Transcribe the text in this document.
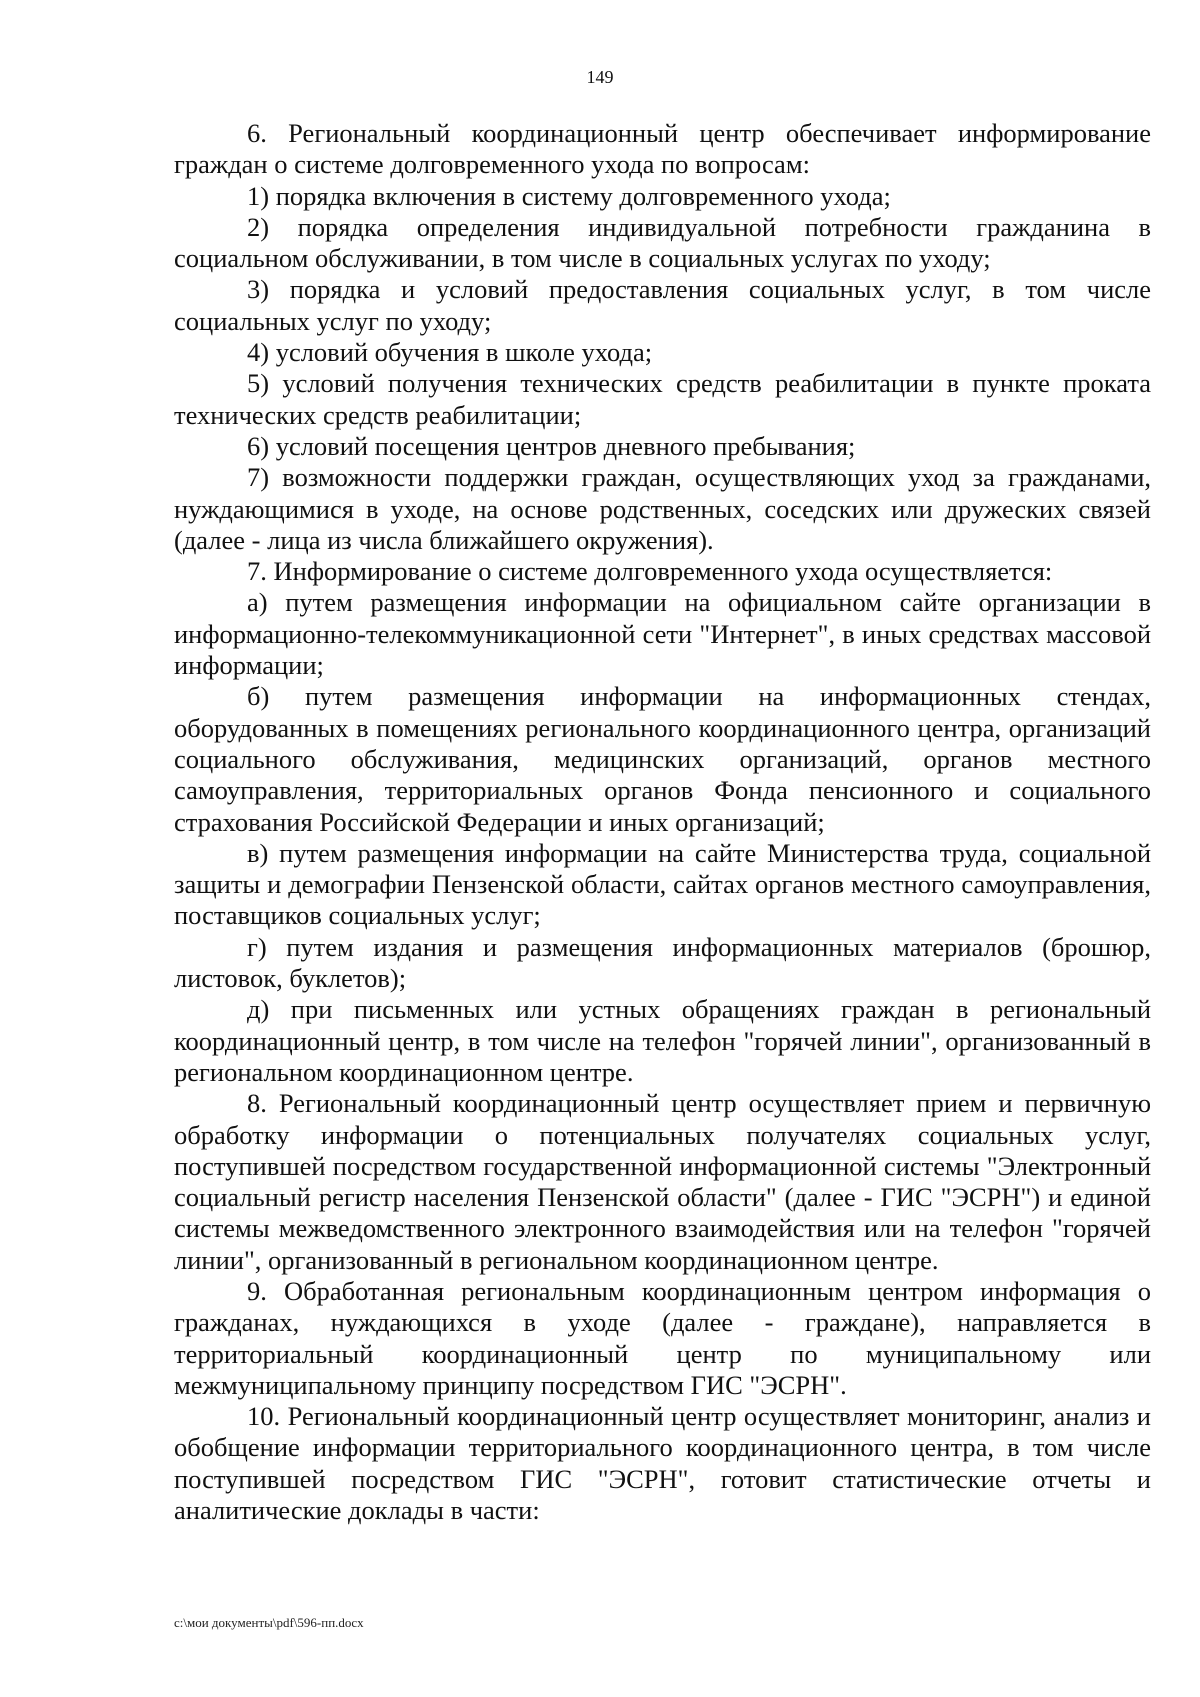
149

6. Региональный координационный центр обеспечивает информирование граждан о системе долговременного ухода по вопросам:

1) порядка включения в систему долговременного ухода;

2) порядка определения индивидуальной потребности гражданина в социальном обслуживании, в том числе в социальных услугах по уходу;

3) порядка и условий предоставления социальных услуг, в том числе социальных услуг по уходу;

4) условий обучения в школе ухода;

5) условий получения технических средств реабилитации в пункте проката технических средств реабилитации;

6) условий посещения центров дневного пребывания;

7) возможности поддержки граждан, осуществляющих уход за гражданами, нуждающимися в уходе, на основе родственных, соседских или дружеских связей (далее - лица из числа ближайшего окружения).

7. Информирование о системе долговременного ухода осуществляется:

а) путем размещения информации на официальном сайте организации в информационно-телекоммуникационной сети "Интернет", в иных средствах массовой информации;

б) путем размещения информации на информационных стендах, оборудованных в помещениях регионального координационного центра, организаций социального обслуживания, медицинских организаций, органов местного самоуправления, территориальных органов Фонда пенсионного и социального страхования Российской Федерации и иных организаций;

в) путем размещения информации на сайте Министерства труда, социальной защиты и демографии Пензенской области, сайтах органов местного самоуправления, поставщиков социальных услуг;

г) путем издания и размещения информационных материалов (брошюр, листовок, буклетов);

д) при письменных или устных обращениях граждан в региональный координационный центр, в том числе на телефон "горячей линии", организованный в региональном координационном центре.

8. Региональный координационный центр осуществляет прием и первичную обработку информации о потенциальных получателях социальных услуг, поступившей посредством государственной информационной системы "Электронный социальный регистр населения Пензенской области" (далее - ГИС "ЭСРН") и единой системы межведомственного электронного взаимодействия или на телефон "горячей линии", организованный в региональном координационном центре.

9. Обработанная региональным координационным центром информация о гражданах, нуждающихся в уходе (далее - граждане), направляется в территориальный координационный центр по муниципальному или межмуниципальному принципу посредством ГИС "ЭСРН".

10. Региональный координационный центр осуществляет мониторинг, анализ и обобщение информации территориального координационного центра, в том числе поступившей посредством ГИС "ЭСРН", готовит статистические отчеты и аналитические доклады в части:

c:\мои документы\pdf\596-пп.docx
